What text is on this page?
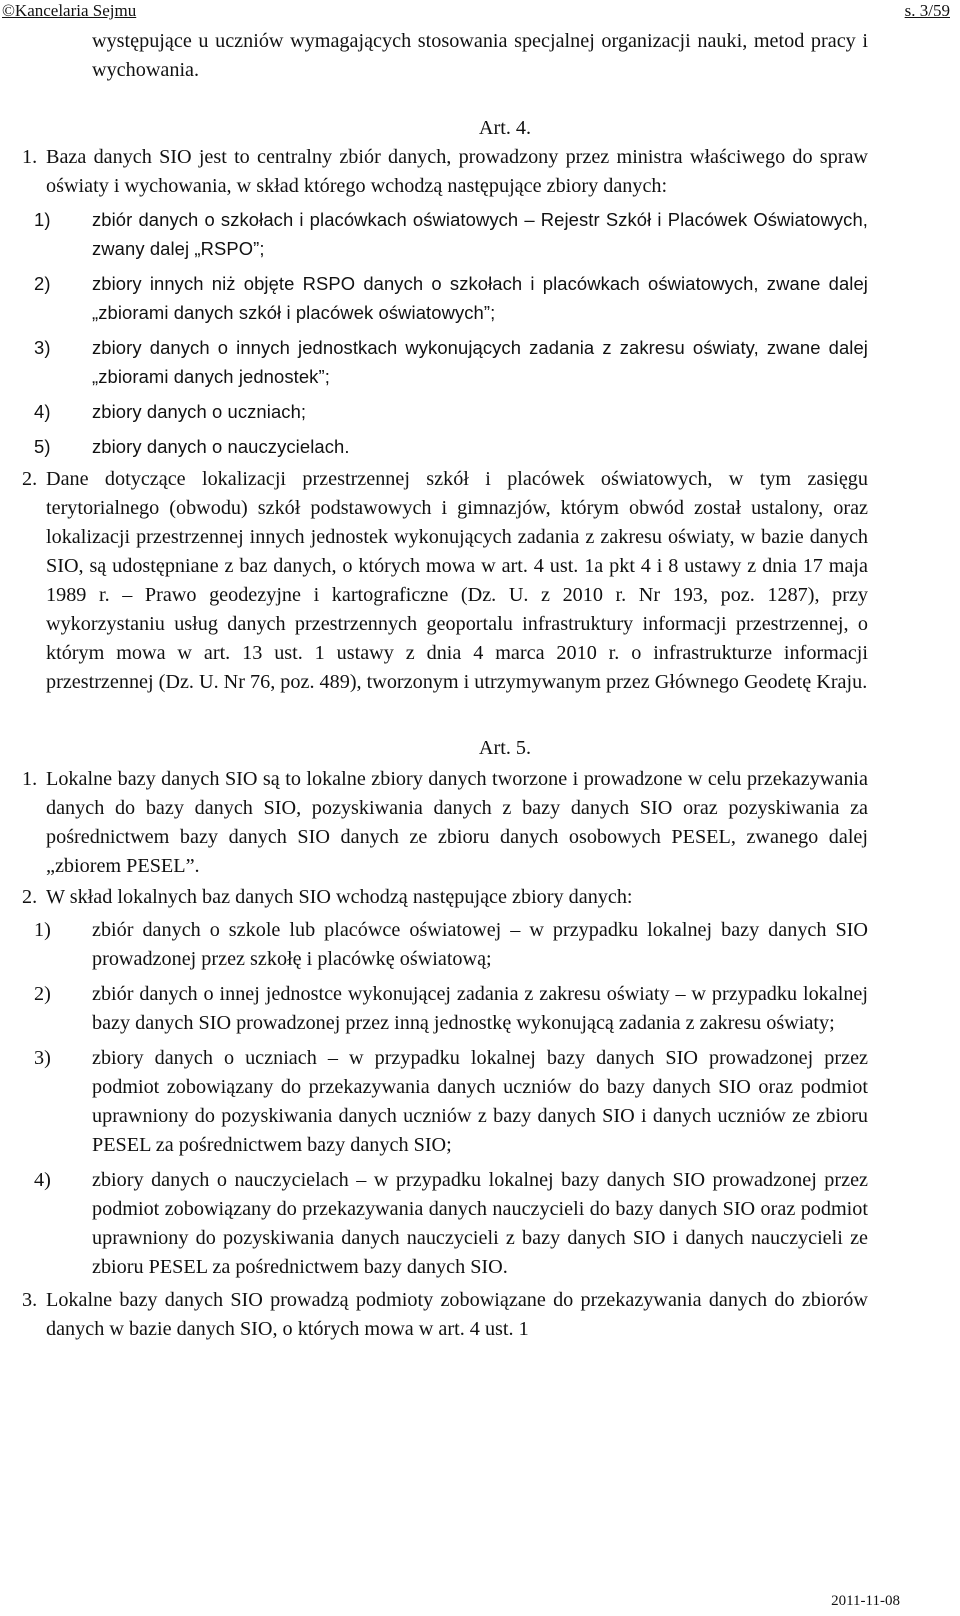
©Kancelaria Sejmu	s. 3/59
występujące u uczniów wymagających stosowania specjalnej organizacji nauki, metod pracy i wychowania.
Art. 4.
1. Baza danych SIO jest to centralny zbiór danych, prowadzony przez ministra właściwego do spraw oświaty i wychowania, w skład którego wchodzą następujące zbiory danych:
1) zbiór danych o szkołach i placówkach oświatowych – Rejestr Szkół i Placówek Oświatowych, zwany dalej „RSPO”;
2) zbiory innych niż objęte RSPO danych o szkołach i placówkach oświatowych, zwane dalej „zbiorami danych szkół i placówek oświatowych”;
3) zbiory danych o innych jednostkach wykonujących zadania z zakresu oświaty, zwane dalej „zbiorami danych jednostek”;
4) zbiory danych o uczniach;
5) zbiory danych o nauczycielach.
2. Dane dotyczące lokalizacji przestrzennej szkół i placówek oświatowych, w tym zasięgu terytorialnego (obwodu) szkół podstawowych i gimnazjów, którym obwód został ustalony, oraz lokalizacji przestrzennej innych jednostek wykonujących zadania z zakresu oświaty, w bazie danych SIO, są udostępniane z baz danych, o których mowa w art. 4 ust. 1a pkt 4 i 8 ustawy z dnia 17 maja 1989 r. – Prawo geodezyjne i kartograficzne (Dz. U. z 2010 r. Nr 193, poz. 1287), przy wykorzystaniu usług danych przestrzennych geoportalu infrastruktury informacji przestrzennej, o którym mowa w art. 13 ust. 1 ustawy z dnia 4 marca 2010 r. o infrastrukturze informacji przestrzennej (Dz. U. Nr 76, poz. 489), tworzonym i utrzymywanym przez Głównego Geodetę Kraju.
Art. 5.
1. Lokalne bazy danych SIO są to lokalne zbiory danych tworzone i prowadzone w celu przekazywania danych do bazy danych SIO, pozyskiwania danych z bazy danych SIO oraz pozyskiwania za pośrednictwem bazy danych SIO danych ze zbioru danych osobowych PESEL, zwanego dalej „zbiorem PESEL”.
2. W skład lokalnych baz danych SIO wchodzą następujące zbiory danych:
1) zbiór danych o szkole lub placówce oświatowej – w przypadku lokalnej bazy danych SIO prowadzonej przez szkołę i placówkę oświatową;
2) zbiór danych o innej jednostce wykonującej zadania z zakresu oświaty – w przypadku lokalnej bazy danych SIO prowadzonej przez inną jednostkę wykonującą zadania z zakresu oświaty;
3) zbiory danych o uczniach – w przypadku lokalnej bazy danych SIO prowadzonej przez podmiot zobowiązany do przekazywania danych uczniów do bazy danych SIO oraz podmiot uprawniony do pozyskiwania danych uczniów z bazy danych SIO i danych uczniów ze zbioru PESEL za pośrednictwem bazy danych SIO;
4) zbiory danych o nauczycielach – w przypadku lokalnej bazy danych SIO prowadzonej przez podmiot zobowiązany do przekazywania danych nauczycieli do bazy danych SIO oraz podmiot uprawniony do pozyskiwania danych nauczycieli z bazy danych SIO i danych nauczycieli ze zbioru PESEL za pośrednictwem bazy danych SIO.
3. Lokalne bazy danych SIO prowadzą podmioty zobowiązane do przekazywania danych do zbiorów danych w bazie danych SIO, o których mowa w art. 4 ust. 1
2011-11-08
